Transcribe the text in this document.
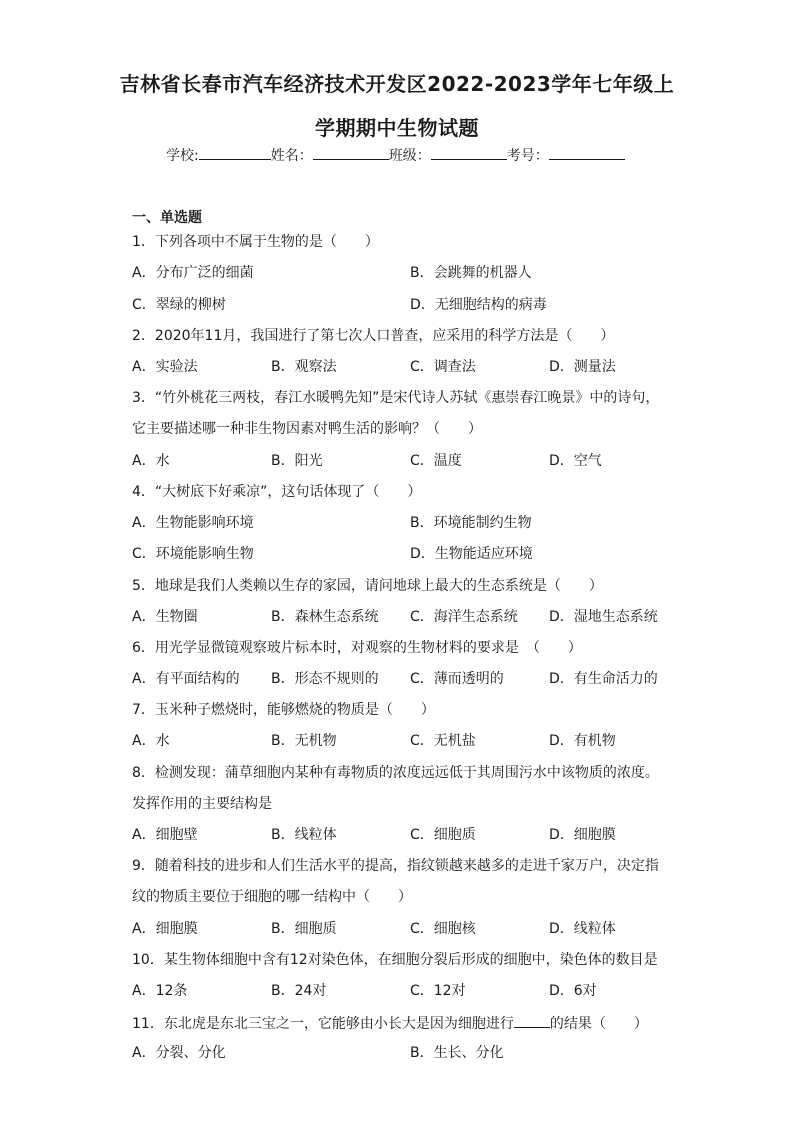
吉林省长春市汽车经济技术开发区2022-2023学年七年级上
学期期中生物试题
学校:	姓名：	班级：	考号：
一、单选题
1．下列各项中不属于生物的是（　　）
A．分布广泛的细菌	B．会跳舞的机器人
C．翠绿的柳树	D．无细胞结构的病毒
2．2020年11月，我国进行了第七次人口普查，应采用的科学方法是（　　）
A．实验法	B．观察法	C．调查法	D．测量法
3．“竹外桃花三两枝，春江水暖鸭先知”是宋代诗人苏轼《惠崇春江晚景》中的诗句，
它主要描述哪一种非生物因素对鸭生活的影响？（　　）
A．水	B．阳光	C．温度	D．空气
4．“大树底下好乘凉”，这句话体现了（　　）
A．生物能影响环境	B．环境能制约生物
C．环境能影响生物	D．生物能适应环境
5．地球是我们人类赖以生存的家园，请问地球上最大的生态系统是（　　）
A．生物圈	B．森林生态系统 C．海洋生态系统 D．湿地生态系统
6．用光学显微镜观察玻片标本时，对观察的生物材料的要求是　（　　）
A．有平面结构的 B．形态不规则的 C．薄而透明的	D．有生命活力的
7．玉米种子燃烧时，能够燃烧的物质是（　　）
A．水	B．无机物	C．无机盐	D．有机物
8．检测发现：蒲草细胞内某种有毒物质的浓度远远低于其周围污水中该物质的浓度。
发挥作用的主要结构是
A．细胞壁	B．线粒体	C．细胞质	D．细胞膜
9．随着科技的进步和人们生活水平的提高，指纹锁越来越多的走进千家万户，决定指
纹的物质主要位于细胞的哪一结构中（　　）
A．细胞膜	B．细胞质	C．细胞核	D．线粒体
10．某生物体细胞中含有12对染色体，在细胞分裂后形成的细胞中，染色体的数目是
A．12条	B．24对	C．12对	D．6对
11．东北虎是东北三宝之一，它能够由小长大是因为细胞进行	的结果（　　）
A．分裂、分化	B．生长、分化
